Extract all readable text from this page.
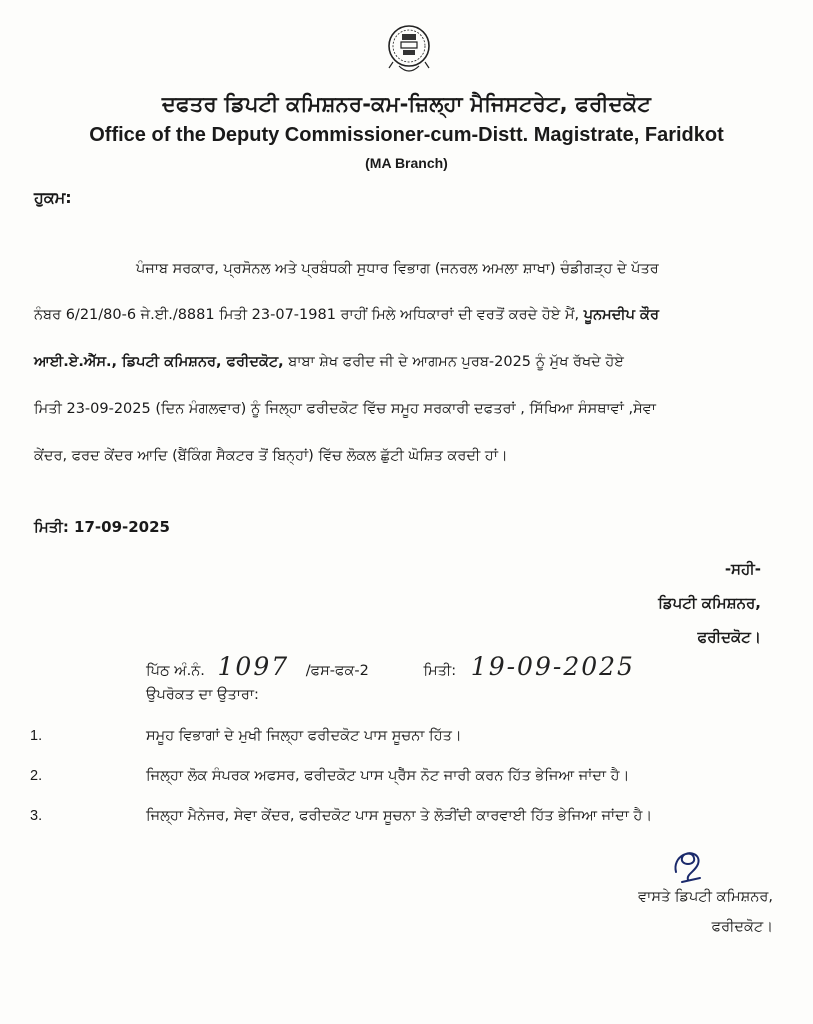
ਦਫਤਰ ਡਿਪਟੀ ਕਮਿਸ਼ਨਰ-ਕਮ-ਜ਼ਿਲ੍ਹਾ ਮੈਜਿਸਟਰੇਟ, ਫਰੀਦਕੋਟ
Office of the Deputy Commissioner-cum-Distt. Magistrate, Faridkot
(MA Branch)
ਹੁਕਮ:
ਪੰਜਾਬ ਸਰਕਾਰ, ਪ੍ਰਸੋਨਲ ਅਤੇ ਪ੍ਰਬੰਧਕੀ ਸੁਧਾਰ ਵਿਭਾਗ (ਜਨਰਲ ਅਮਲਾ ਸ਼ਾਖਾ) ਚੰਡੀਗੜ੍ਹ ਦੇ ਪੱਤਰ
ਨੰਬਰ 6/21/80-6 ਜੇ.ਈ./8881 ਮਿਤੀ 23-07-1981 ਰਾਹੀਂ ਮਿਲੇ ਅਧਿਕਾਰਾਂ ਦੀ ਵਰਤੋਂ ਕਰਦੇ ਹੋਏ ਮੈਂ, ਪੂਨਮਦੀਪ ਕੌਰ
ਆਈ.ਏ.ਐੱਸ., ਡਿਪਟੀ ਕਮਿਸ਼ਨਰ, ਫਰੀਦਕੋਟ, ਬਾਬਾ ਸ਼ੇਖ ਫਰੀਦ ਜੀ ਦੇ ਆਗਮਨ ਪੁਰਬ-2025 ਨੂੰ ਮੁੱਖ ਰੱਖਦੇ ਹੋਏ
ਮਿਤੀ 23-09-2025 (ਦਿਨ ਮੰਗਲਵਾਰ) ਨੂੰ ਜਿਲ੍ਹਾ ਫਰੀਦਕੋਟ ਵਿੱਚ ਸਮੂਹ ਸਰਕਾਰੀ ਦਫਤਰਾਂ , ਸਿੱਖਿਆ ਸੰਸਥਾਵਾਂ ,ਸੇਵਾ
ਕੇਂਦਰ, ਫਰਦ ਕੇਂਦਰ ਆਦਿ (ਬੈਂਕਿੰਗ ਸੈਕਟਰ ਤੋਂ ਬਿਨ੍ਹਾਂ) ਵਿੱਚ ਲੋਕਲ ਛੁੱਟੀ ਘੋਸ਼ਿਤ ਕਰਦੀ ਹਾਂ।
ਮਿਤੀ: 17-09-2025
-ਸਹੀ-
ਡਿਪਟੀ ਕਮਿਸ਼ਨਰ,
ਫਰੀਦਕੋਟ।
ਪਿੱਠ ਅੰ.ਨੰ. 1097 /ਫਸ-ਫਕ-2	ਮਿਤੀ: 19-09-2025
ਉਪਰੋਕਤ ਦਾ ਉਤਾਰਾ:
1.	ਸਮੂਹ ਵਿਭਾਗਾਂ ਦੇ ਮੁਖੀ ਜਿਲ੍ਹਾ ਫਰੀਦਕੋਟ ਪਾਸ ਸੂਚਨਾ ਹਿੱਤ।
2.	ਜਿਲ੍ਹਾ ਲੋਕ ਸੰਪਰਕ ਅਫਸਰ, ਫਰੀਦਕੋਟ ਪਾਸ ਪ੍ਰੈੱਸ ਨੋਟ ਜਾਰੀ ਕਰਨ ਹਿੱਤ ਭੇਜਿਆ ਜਾਂਦਾ ਹੈ।
3.	ਜਿਲ੍ਹਾ ਮੈਨੇਜਰ, ਸੇਵਾ ਕੇਂਦਰ, ਫਰੀਦਕੋਟ ਪਾਸ ਸੂਚਨਾ ਤੇ ਲੋੜੀਂਦੀ ਕਾਰਵਾਈ ਹਿੱਤ ਭੇਜਿਆ ਜਾਂਦਾ ਹੈ।
ਵਾਸਤੇ ਡਿਪਟੀ ਕਮਿਸ਼ਨਰ,
ਫਰੀਦਕੋਟ।
